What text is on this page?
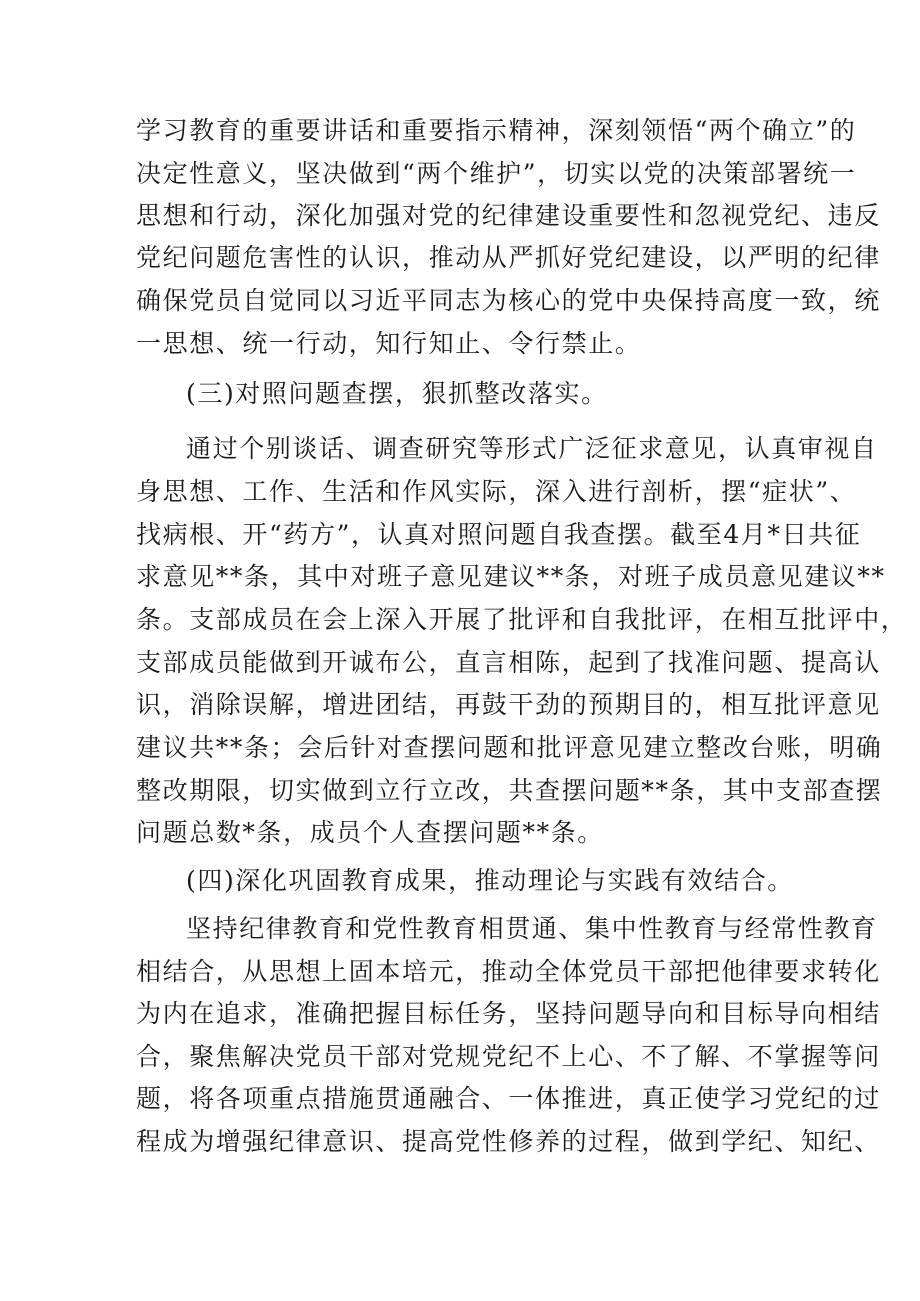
学习教育的重要讲话和重要指示精神，深刻领悟“两个确立”的
决定性意义，坚决做到“两个维护”，切实以党的决策部署统一
思想和行动，深化加强对党的纪律建设重要性和忽视党纪、违反
党纪问题危害性的认识，推动从严抓好党纪建设，以严明的纪律
确保党员自觉同以习近平同志为核心的党中央保持高度一致，统
一思想、统一行动，知行知止、令行禁止。
(三)对照问题查摆，狠抓整改落实。
通过个别谈话、调查研究等形式广泛征求意见，认真审视自
身思想、工作、生活和作风实际，深入进行剖析，摆“症状”、
找病根、开“药方”，认真对照问题自我查摆。截至4月*日共征
求意见**条，其中对班子意见建议**条，对班子成员意见建议**
条。支部成员在会上深入开展了批评和自我批评，在相互批评中，
支部成员能做到开诚布公，直言相陈，起到了找准问题、提高认
识，消除误解，增进团结，再鼓干劲的预期目的，相互批评意见
建议共**条；会后针对查摆问题和批评意见建立整改台账，明确
整改期限，切实做到立行立改，共查摆问题**条，其中支部查摆
问题总数*条，成员个人查摆问题**条。
(四)深化巩固教育成果，推动理论与实践有效结合。
坚持纪律教育和党性教育相贯通、集中性教育与经常性教育
相结合，从思想上固本培元，推动全体党员干部把他律要求转化
为内在追求，准确把握目标任务，坚持问题导向和目标导向相结
合，聚焦解决党员干部对党规党纪不上心、不了解、不掌握等问
题，将各项重点措施贯通融合、一体推进，真正使学习党纪的过
程成为增强纪律意识、提高党性修养的过程，做到学纪、知纪、
